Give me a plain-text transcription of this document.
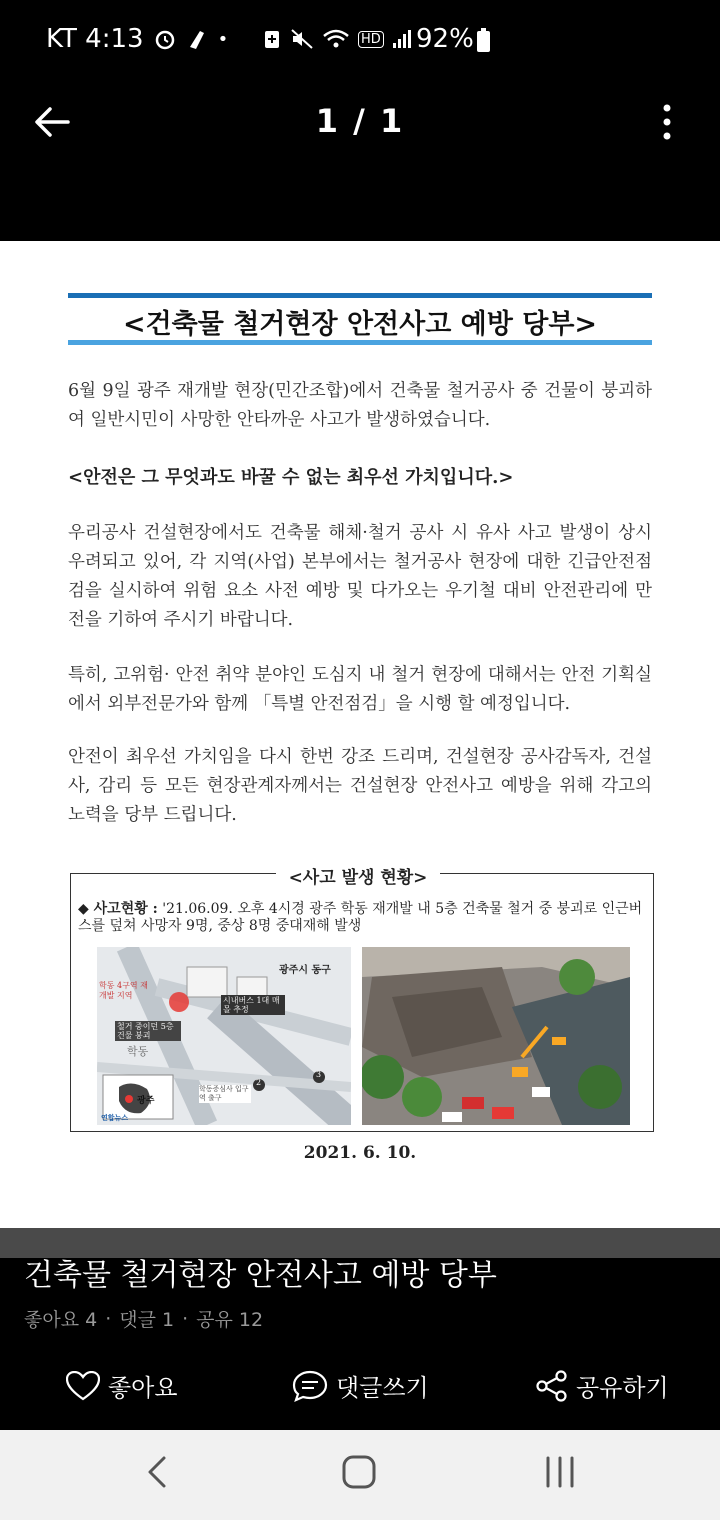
KT 4:13	•	HD 92%
1 / 1
<건축물 철거현장 안전사고 예방 당부>
6월 9일 광주 재개발 현장(민간조합)에서 건축물 철거공사 중 건물이 붕괴하여 일반시민이 사망한 안타까운 사고가 발생하였습니다.
<안전은 그 무엇과도 바꿀 수 없는 최우선 가치입니다.>
우리공사 건설현장에서도 건축물 해체·철거 공사 시 유사 사고 발생이 상시 우려되고 있어, 각 지역(사업) 본부에서는 철거공사 현장에 대한 긴급안전점검을 실시하여 위험 요소 사전 예방 및 다가오는 우기철 대비 안전관리에 만전을 기하여 주시기 바랍니다.
특히, 고위험· 안전 취약 분야인 도심지 내 철거 현장에 대해서는 안전 기획실에서 외부전문가와 함께 「특별 안전점검」을 시행 할 예정입니다.
안전이 최우선 가치임을 다시 한번 강조 드리며, 건설현장 공사감독자, 건설사, 감리 등 모든 현장관계자께서는 건설현장 안전사고 예방을 위해 각고의 노력을 당부 드립니다.
<사고 발생 현황>
◆ 사고현황 : '21.06.09. 오후 4시경 광주 학동 재개발 내 5층 건축물 철거 중 붕괴로 인근버스를 덮쳐 사망자 9명, 중상 8명 중대재해 발생
광주시 동구
시내버스 1대 매몰 추정
학동 4구역 재개발 지역
철거 중이던 5층 건물 붕괴
학동
학동증심사 입구역 출구
광주
2
3
연합뉴스
2021. 6. 10.
건축물 철거현장 안전사고 예방 당부
좋아요 4 · 댓글 1 · 공유 12
좋아요	댓글쓰기	공유하기
